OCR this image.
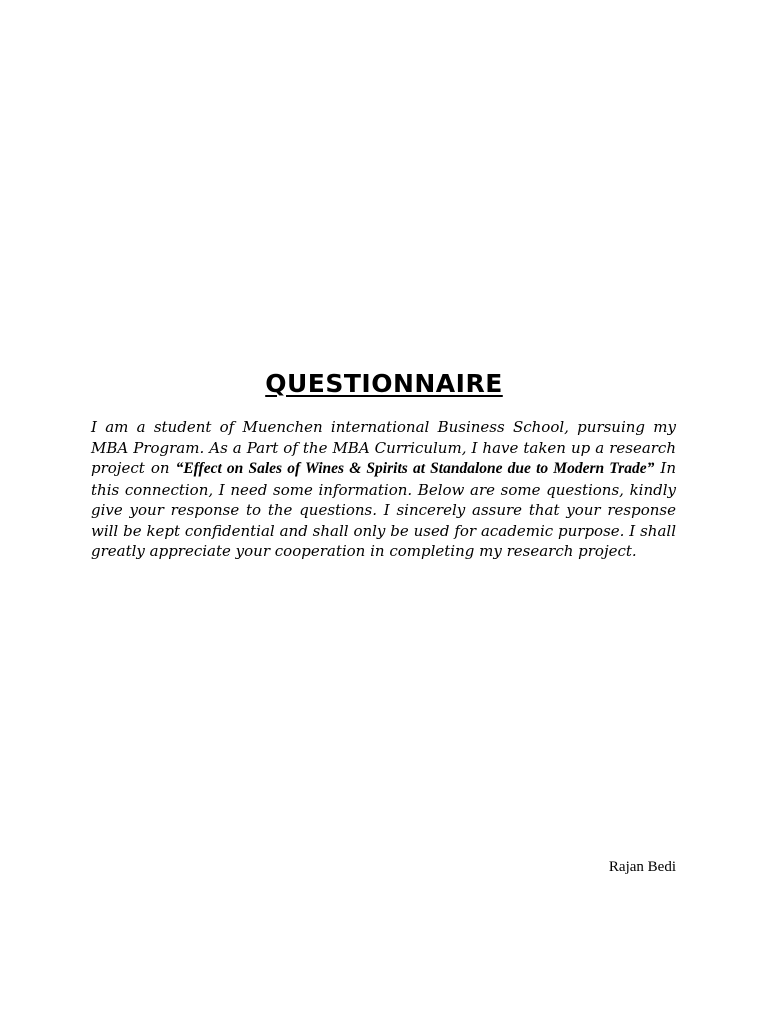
QUESTIONNAIRE

I am a student of Muenchen international Business School, pursuing my MBA Program. As a Part of the MBA Curriculum, I have taken up a research project on “Effect on Sales of Wines & Spirits at Standalone due to Modern Trade” In this connection, I need some information. Below are some questions, kindly give your response to the questions. I sincerely assure that your response will be kept confidential and shall only be used for academic purpose. I shall greatly appreciate your cooperation in completing my research project.

Rajan Bedi
